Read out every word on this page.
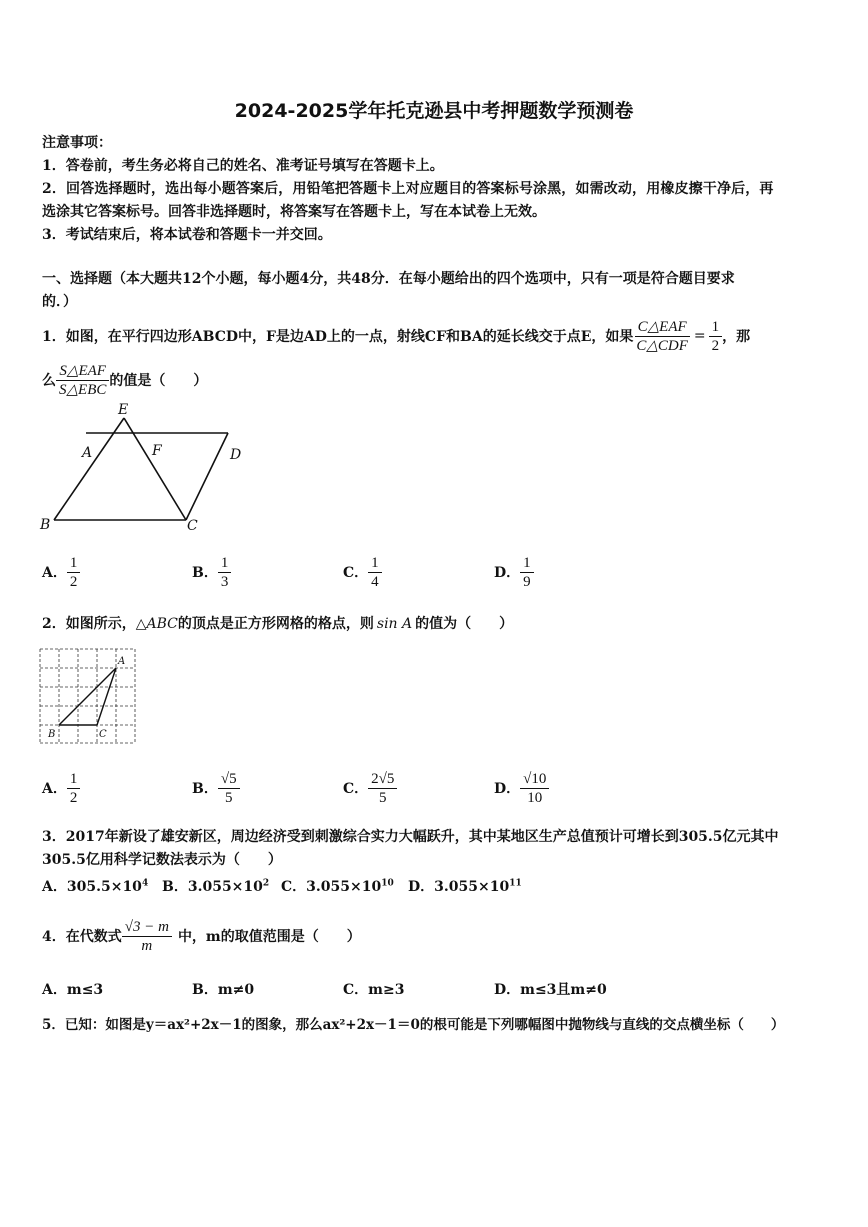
2024-2025学年托克逊县中考押题数学预测卷
注意事项：
1．答卷前，考生务必将自己的姓名、准考证号填写在答题卡上。
2．回答选择题时，选出每小题答案后，用铅笔把答题卡上对应题目的答案标号涂黑，如需改动，用橡皮擦干净后，再
选涂其它答案标号。回答非选择题时，将答案写在答题卡上，写在本试卷上无效。
3．考试结束后，将本试卷和答题卡一并交回。
一、选择题（本大题共12个小题，每小题4分，共48分．在每小题给出的四个选项中，只有一项是符合题目要求
的．）
1．如图，在平行四边形ABCD中，F是边AD上的一点，射线CF和BA的延长线交于点E，如果 $\frac{\text{C△EAF}}{\text{C△CDF}} = \frac{1}{2}$ ，那
么 $\frac{\text{S△EAF}}{\text{S△EBC}}$ 的值是（　　）
E
A	F	D
B	C
A． $\frac{1}{2}$	B． $\frac{1}{3}$	C． $\frac{1}{4}$	D． $\frac{1}{9}$
2．如图所示，△ABC的顶点是正方形网格的格点，则 sin A 的值为（　　）
A
B	C
A． $\frac{1}{2}$	B． $\frac{√5}{5}$	C． $\frac{2√5}{5}$	D． $\frac{√10}{10}$
3．2017年新设了雄安新区，周边经济受到刺激综合实力大幅跃升，其中某地区生产总值预计可增长到305.5亿元其中
305.5亿用科学记数法表示为（　　）
A．$305.5\times 10^4$ B．$3.055\times 10^2$ C．$3.055\times 10^{10}$ D．$3.055\times 10^{11}$
4．在代数式 $\frac{√3 - m}{m}$ 中，m的取值范围是（　　）
A．m≤3	B．m≠0	C．m≥3	D．m≤3且m≠0
5．已知：如图是y＝ax²+2x－1的图象，那么ax²+2x－1＝0的根可能是下列哪幅图中抛物线与直线的交点横坐标（　　）
